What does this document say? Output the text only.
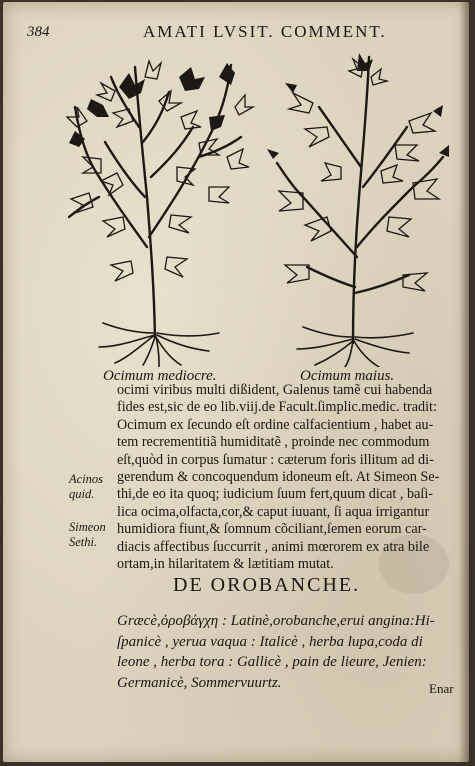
384	AMATI LVSIT. COMMENT.
Ocimum mediocre.	Ocimum maius.
ocimi viribus multi dißident, Galenus tamẽ cui habenda
fides est,sic de eo lib.viij.de Facult.ſimplic.medic. tradit:
Ocimum ex ſecundo eſt ordine calfacientium , habet au-
tem recrementitiã humiditatẽ , proinde nec commodum
eſt,quòd in corpus ſumatur : cæterum foris illitum ad di-
gerendum & concoquendum idoneum eſt. At Simeon Se-
thi,de eo ita quoq; iudicium ſuum fert,quum dicat , baſi-
lica ocima,olfacta,cor,& caput iuuant, ſi aqua irrigantur
humidiora fiunt,& ſomnum cõciliant,ſemen eorum car-
diacis affectibus ſuccurrit , animi mœrorem ex atra bile
ortam,in hilaritatem & lætitiam mutat.
Acinos
quid.
Simeon
Sethi.
DE OROBANCHE.
Græcè,ὀροβάγχη : Latinè,orobanche,erui angina:Hi-
ſpanicè , yerua vaqua : Italicè , herba lupa,coda di
leone , herba tora : Gallicè , pain de lieure, Jenien:
Germanicè, Sommervuurtz.	Enar
